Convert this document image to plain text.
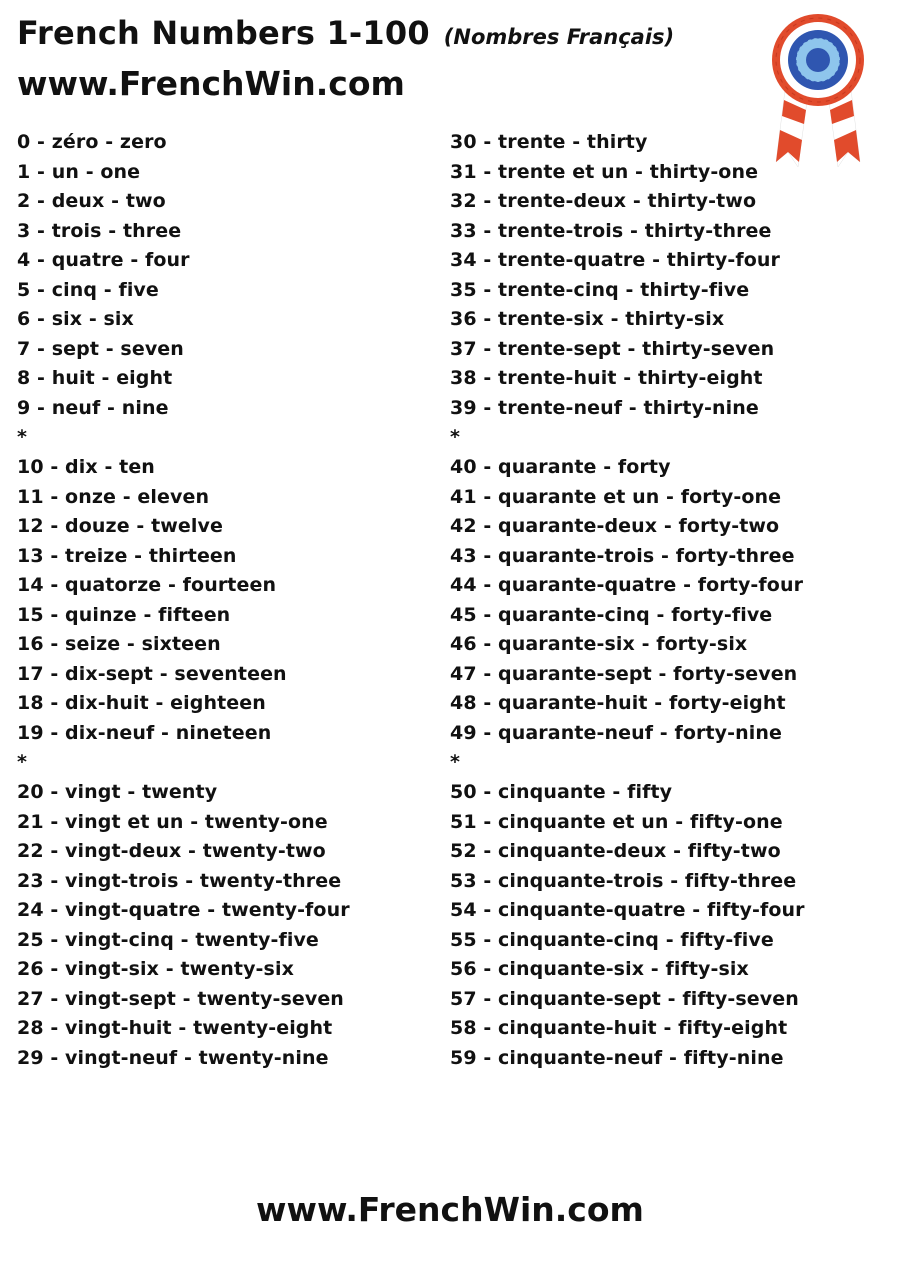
French Numbers 1-100 (Nombres Français)
www.FrenchWin.com
0 - zéro - zero
1 - un - one
2 - deux - two
3 - trois - three
4 - quatre - four
5 - cinq - five
6 - six - six
7 - sept - seven
8 - huit - eight
9 - neuf - nine
*
10 - dix - ten
11 - onze - eleven
12 - douze - twelve
13 - treize - thirteen
14 - quatorze - fourteen
15 - quinze - fifteen
16 - seize - sixteen
17 - dix-sept - seventeen
18 - dix-huit - eighteen
19 - dix-neuf - nineteen
*
20 - vingt - twenty
21 - vingt et un - twenty-one
22 - vingt-deux - twenty-two
23 - vingt-trois - twenty-three
24 - vingt-quatre - twenty-four
25 - vingt-cinq - twenty-five
26 - vingt-six - twenty-six
27 - vingt-sept - twenty-seven
28 - vingt-huit - twenty-eight
29 - vingt-neuf - twenty-nine
30 - trente - thirty
31 - trente et un - thirty-one
32 - trente-deux - thirty-two
33 - trente-trois - thirty-three
34 - trente-quatre - thirty-four
35 - trente-cinq - thirty-five
36 - trente-six - thirty-six
37 - trente-sept - thirty-seven
38 - trente-huit - thirty-eight
39 - trente-neuf - thirty-nine
*
40 - quarante - forty
41 - quarante et un - forty-one
42 - quarante-deux - forty-two
43 - quarante-trois - forty-three
44 - quarante-quatre - forty-four
45 - quarante-cinq - forty-five
46 - quarante-six - forty-six
47 - quarante-sept - forty-seven
48 - quarante-huit - forty-eight
49 - quarante-neuf - forty-nine
*
50 - cinquante - fifty
51 - cinquante et un - fifty-one
52 - cinquante-deux - fifty-two
53 - cinquante-trois - fifty-three
54 - cinquante-quatre - fifty-four
55 - cinquante-cinq - fifty-five
56 - cinquante-six - fifty-six
57 - cinquante-sept - fifty-seven
58 - cinquante-huit - fifty-eight
59 - cinquante-neuf - fifty-nine
www.FrenchWin.com
